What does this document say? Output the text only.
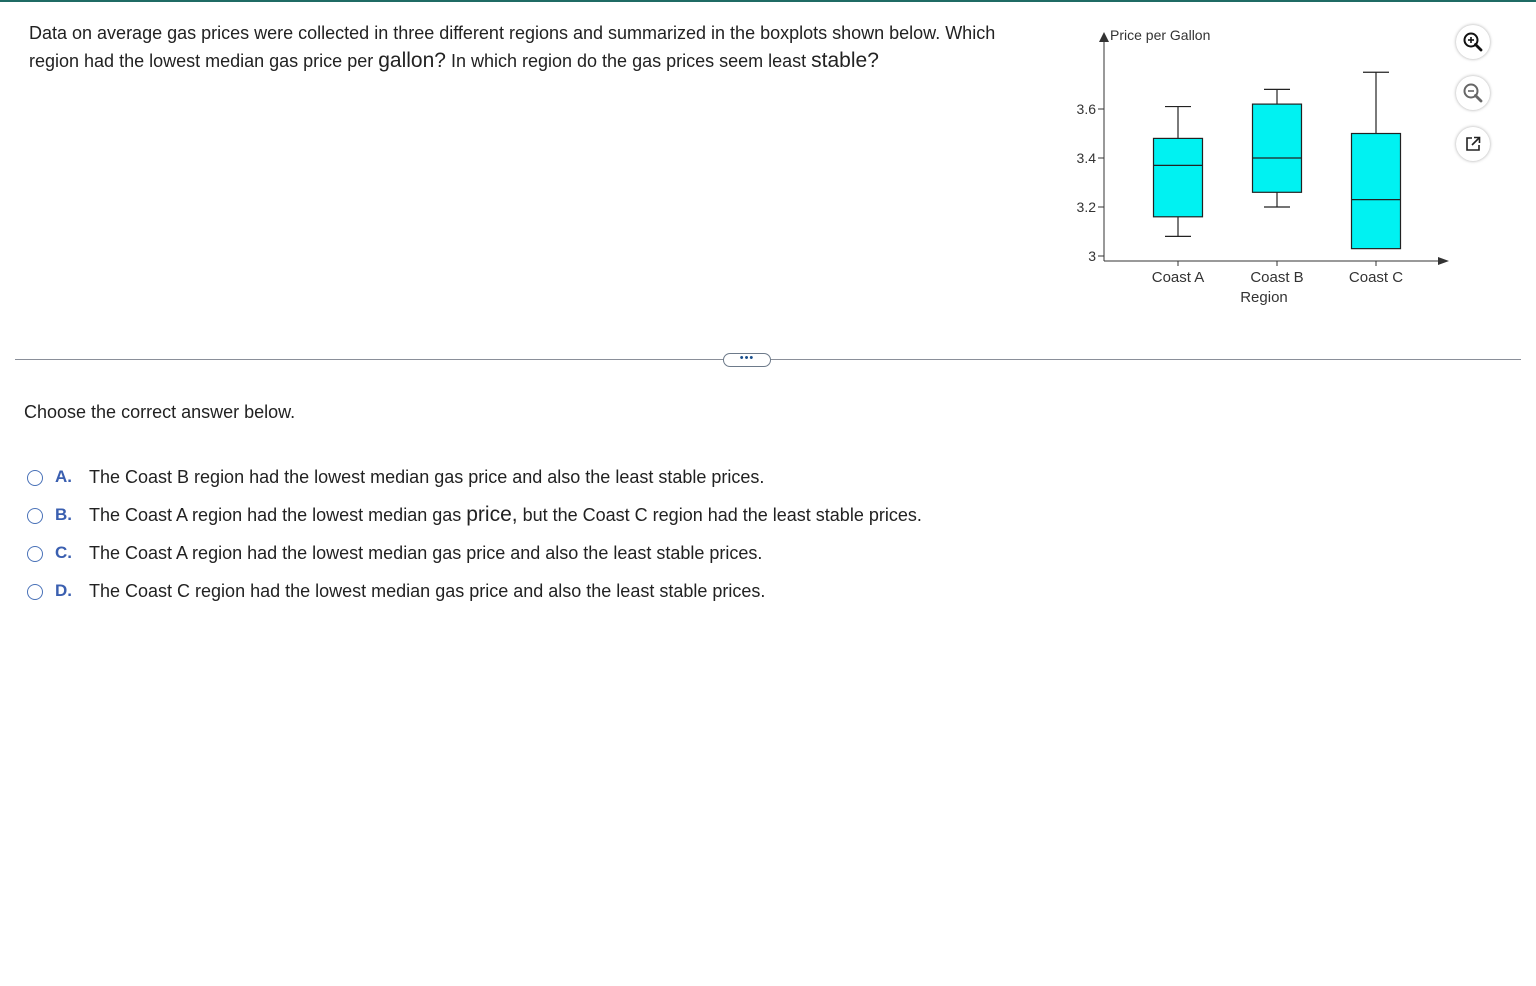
Data on average gas prices were collected in three different regions and summarized in the boxplots shown below. Which region had the lowest median gas price per gallon? In which region do the gas prices seem least stable?
Price per Gallon
3
3.2
3.4
3.6
Coast A	Coast B	Coast C
Region
•••
Choose the correct answer below.
A. The Coast B region had the lowest median gas price and also the least stable prices.
B. The Coast A region had the lowest median gas price, but the Coast C region had the least stable prices.
C. The Coast A region had the lowest median gas price and also the least stable prices.
D. The Coast C region had the lowest median gas price and also the least stable prices.
